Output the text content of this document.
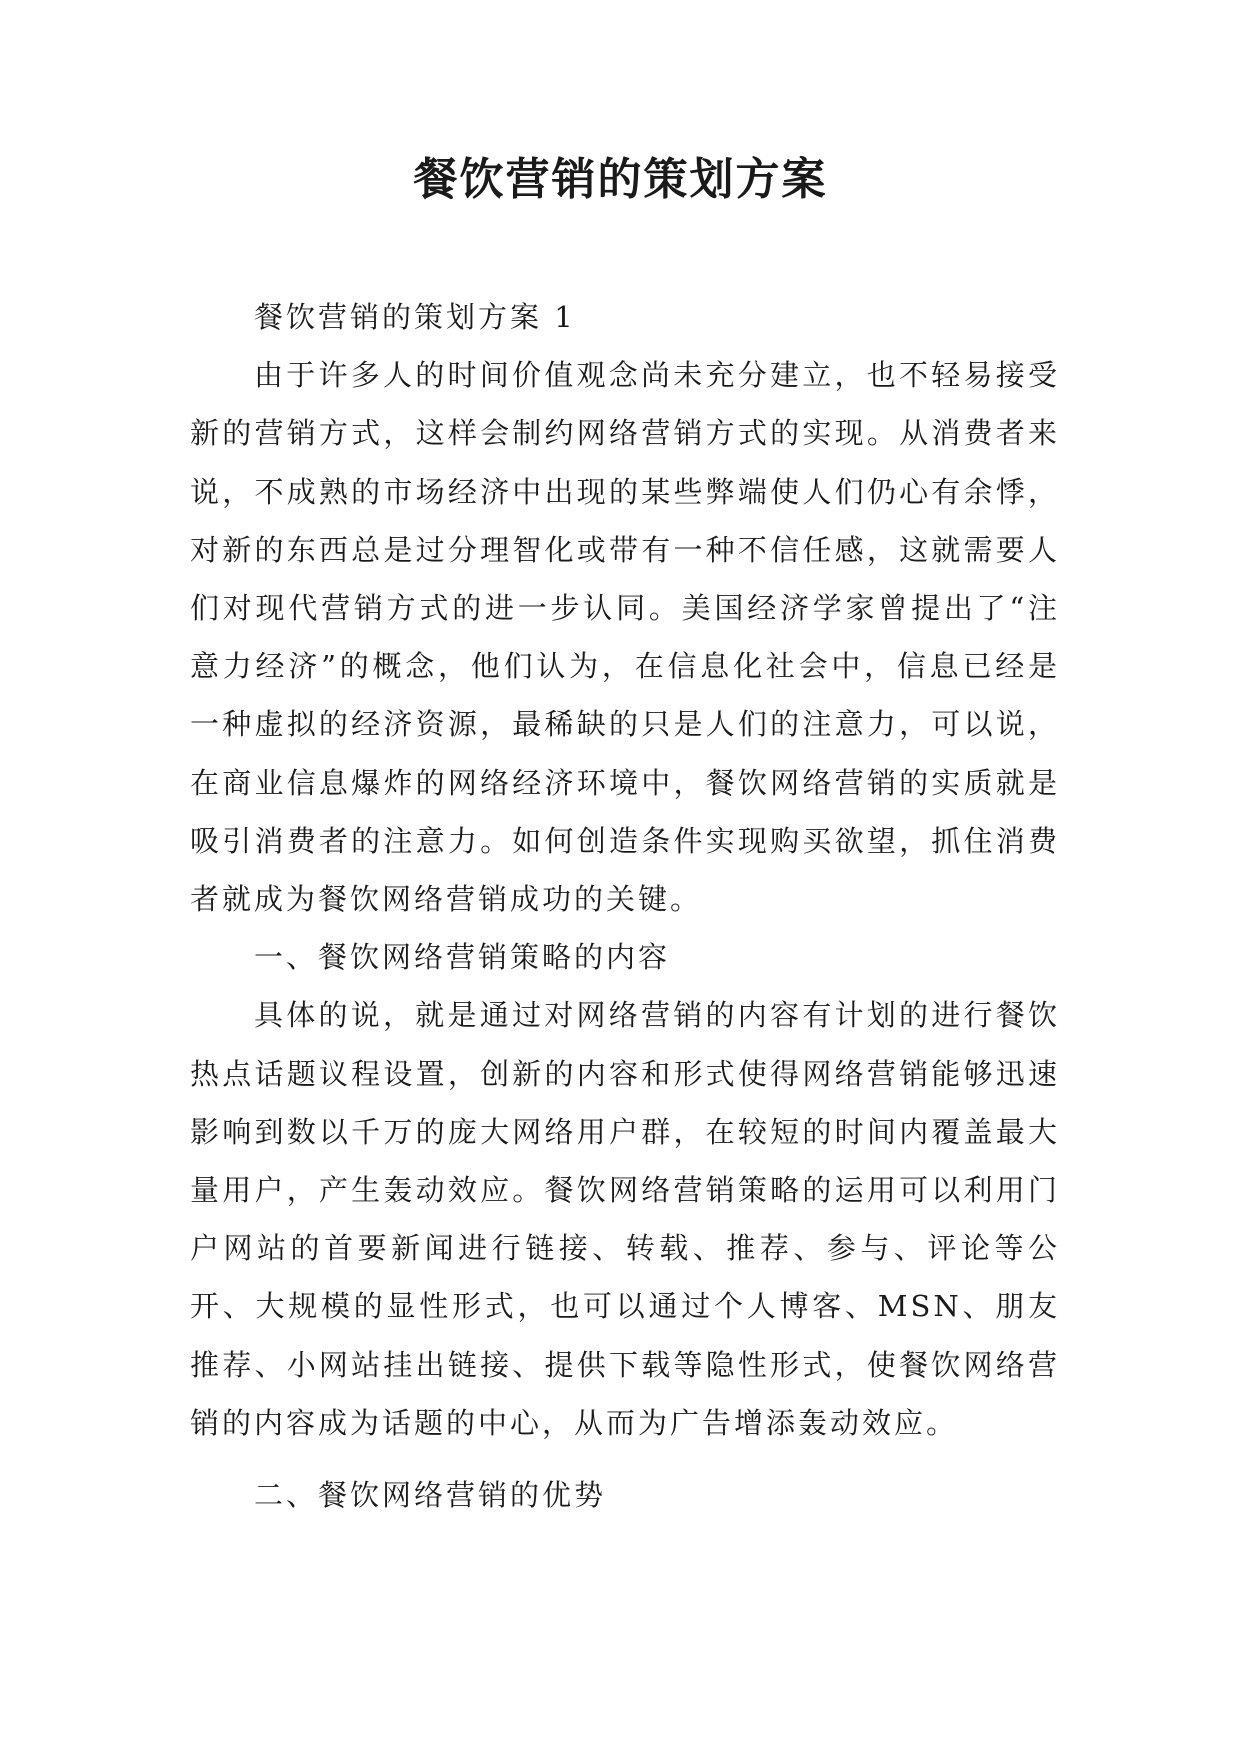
餐饮营销的策划方案

餐饮营销的策划方案 1

由于许多人的时间价值观念尚未充分建立，也不轻易接受新的营销方式，这样会制约网络营销方式的实现。从消费者来说，不成熟的市场经济中出现的某些弊端使人们仍心有余悸，对新的东西总是过分理智化或带有一种不信任感，这就需要人们对现代营销方式的进一步认同。美国经济学家曾提出了“注意力经济”的概念，他们认为，在信息化社会中，信息已经是一种虚拟的经济资源，最稀缺的只是人们的注意力，可以说，在商业信息爆炸的网络经济环境中，餐饮网络营销的实质就是吸引消费者的注意力。如何创造条件实现购买欲望，抓住消费者就成为餐饮网络营销成功的关键。

一、餐饮网络营销策略的内容

具体的说，就是通过对网络营销的内容有计划的进行餐饮热点话题议程设置，创新的内容和形式使得网络营销能够迅速影响到数以千万的庞大网络用户群，在较短的时间内覆盖最大量用户，产生轰动效应。餐饮网络营销策略的运用可以利用门户网站的首要新闻进行链接、转载、推荐、参与、评论等公开、大规模的显性形式，也可以通过个人博客、MSN、朋友推荐、小网站挂出链接、提供下载等隐性形式，使餐饮网络营销的内容成为话题的中心，从而为广告增添轰动效应。

二、餐饮网络营销的优势
